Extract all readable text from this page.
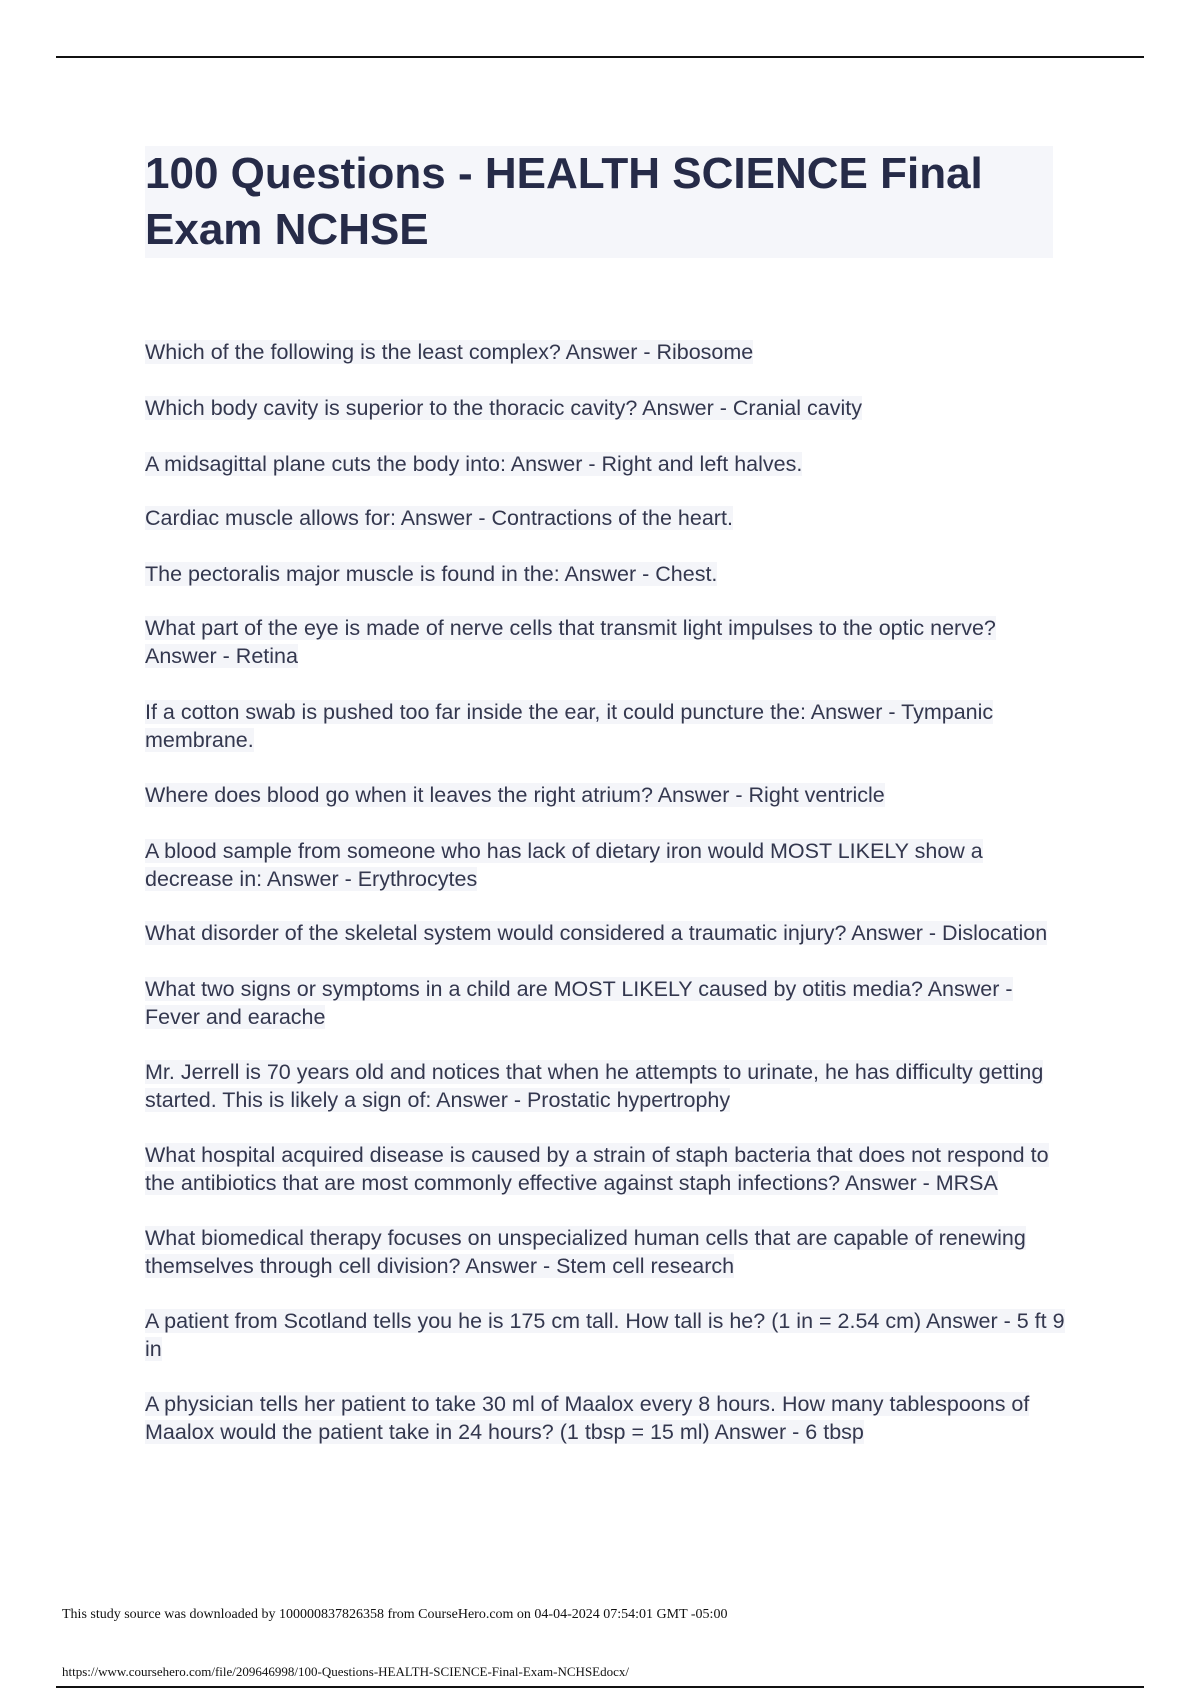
100 Questions - HEALTH SCIENCE Final Exam NCHSE

Which of the following is the least complex? Answer - Ribosome

Which body cavity is superior to the thoracic cavity? Answer - Cranial cavity

A midsagittal plane cuts the body into: Answer - Right and left halves.

Cardiac muscle allows for: Answer - Contractions of the heart.

The pectoralis major muscle is found in the: Answer - Chest.

What part of the eye is made of nerve cells that transmit light impulses to the optic nerve? Answer - Retina

If a cotton swab is pushed too far inside the ear, it could puncture the: Answer - Tympanic membrane.

Where does blood go when it leaves the right atrium? Answer - Right ventricle

A blood sample from someone who has lack of dietary iron would MOST LIKELY show a decrease in: Answer - Erythrocytes

What disorder of the skeletal system would considered a traumatic injury? Answer - Dislocation

What two signs or symptoms in a child are MOST LIKELY caused by otitis media? Answer - Fever and earache

Mr. Jerrell is 70 years old and notices that when he attempts to urinate, he has difficulty getting started. This is likely a sign of: Answer - Prostatic hypertrophy

What hospital acquired disease is caused by a strain of staph bacteria that does not respond to the antibiotics that are most commonly effective against staph infections? Answer - MRSA

What biomedical therapy focuses on unspecialized human cells that are capable of renewing themselves through cell division? Answer - Stem cell research

A patient from Scotland tells you he is 175 cm tall. How tall is he? (1 in = 2.54 cm) Answer - 5 ft 9 in

A physician tells her patient to take 30 ml of Maalox every 8 hours. How many tablespoons of Maalox would the patient take in 24 hours? (1 tbsp = 15 ml) Answer - 6 tbsp

This study source was downloaded by 100000837826358 from CourseHero.com on 04-04-2024 07:54:01 GMT -05:00
https://www.coursehero.com/file/209646998/100-Questions-HEALTH-SCIENCE-Final-Exam-NCHSEdocx/
